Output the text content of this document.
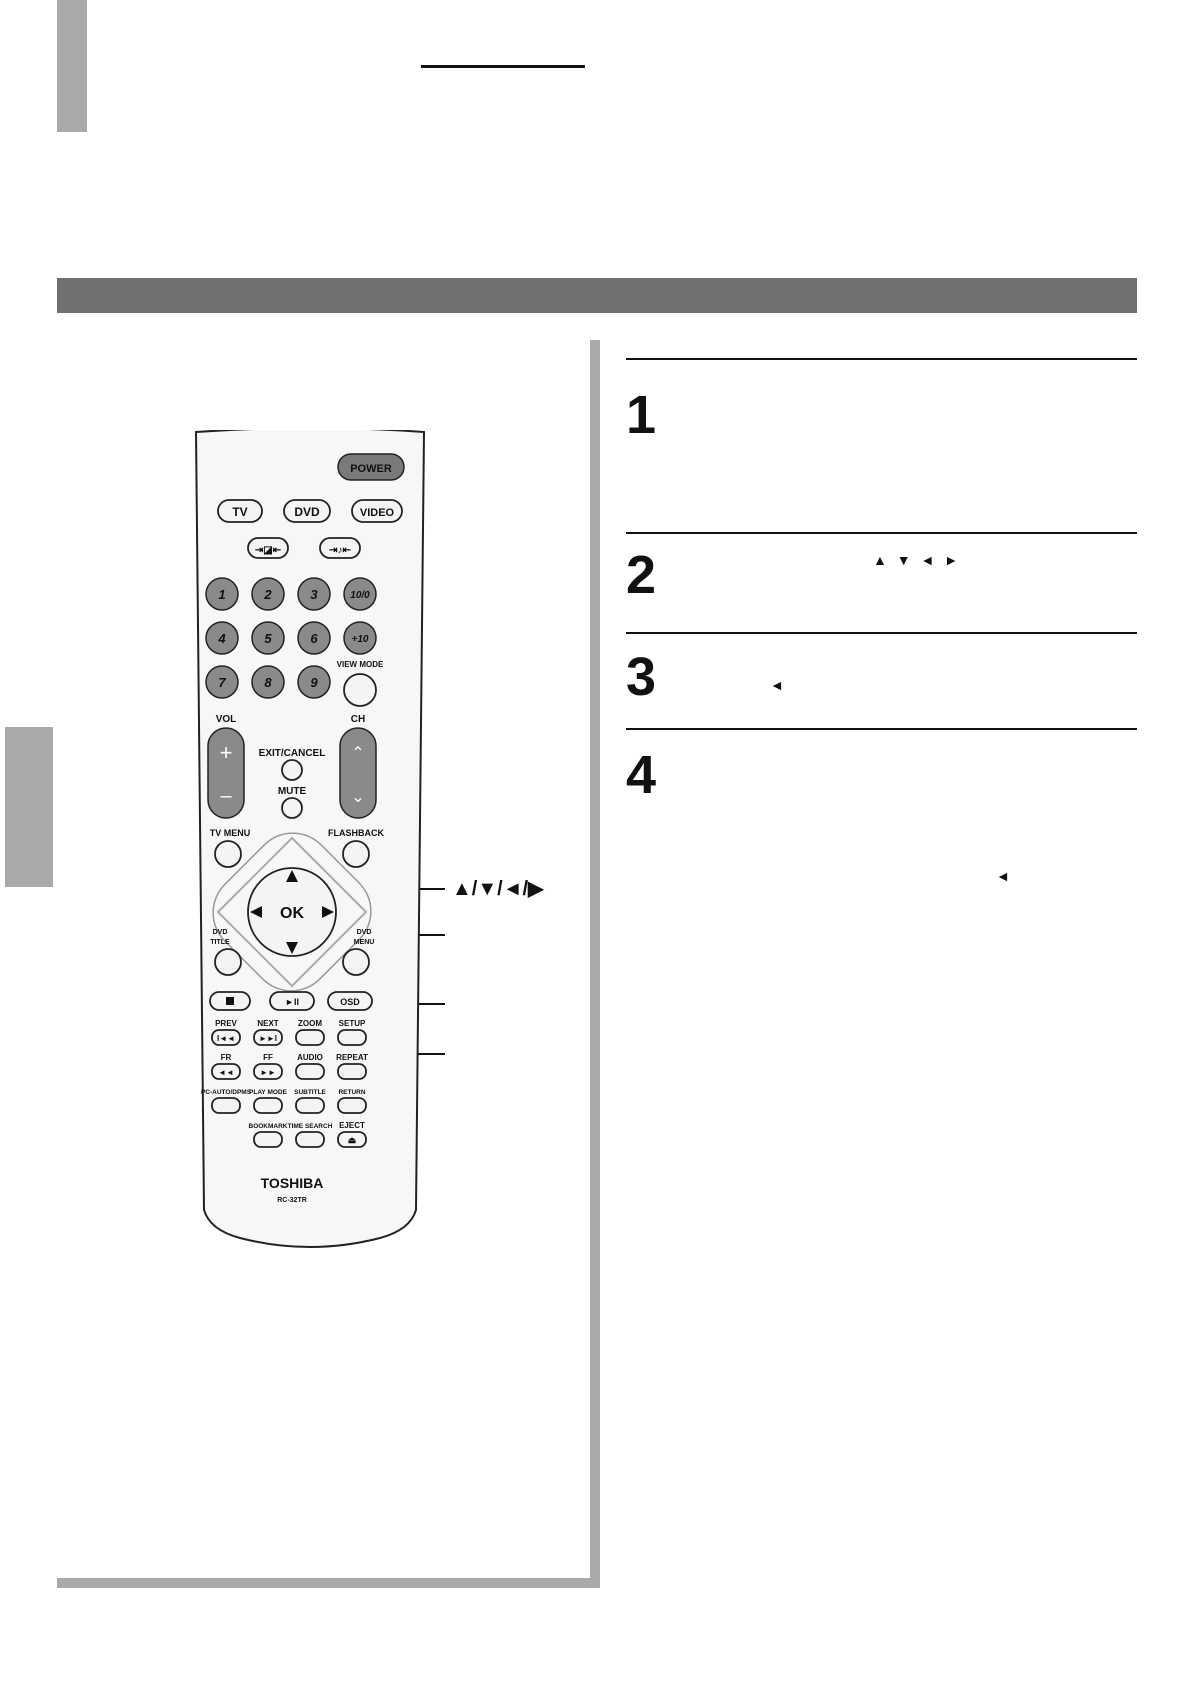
1
2	▲ ▼ ◄ ►
3	◄
4
◄
▲/▼/◄/▶
POWER
TV	DVD	VIDEO
⇥◪⇤	⇥♪⇤
1	2	3	10/0
4	5	6	+10
7	8	9
VIEW MODE
VOL	CH
+
–
⌃
⌄
EXIT/CANCEL
MUTE
TV MENU	FLASHBACK
OK
DVD
TITLE
DVD
MENU
►II	OSD
PREV	NEXT ZOOM SETUP
I◄◄	►►I
FR	FF	AUDIO REPEAT
◄◄	►►
PC-AUTO/DPMS
PLAY MODE SUBTITLE RETURN
BOOKMARK TIME SEARCH EJECT
⏏
TOSHIBA
RC-32TR
